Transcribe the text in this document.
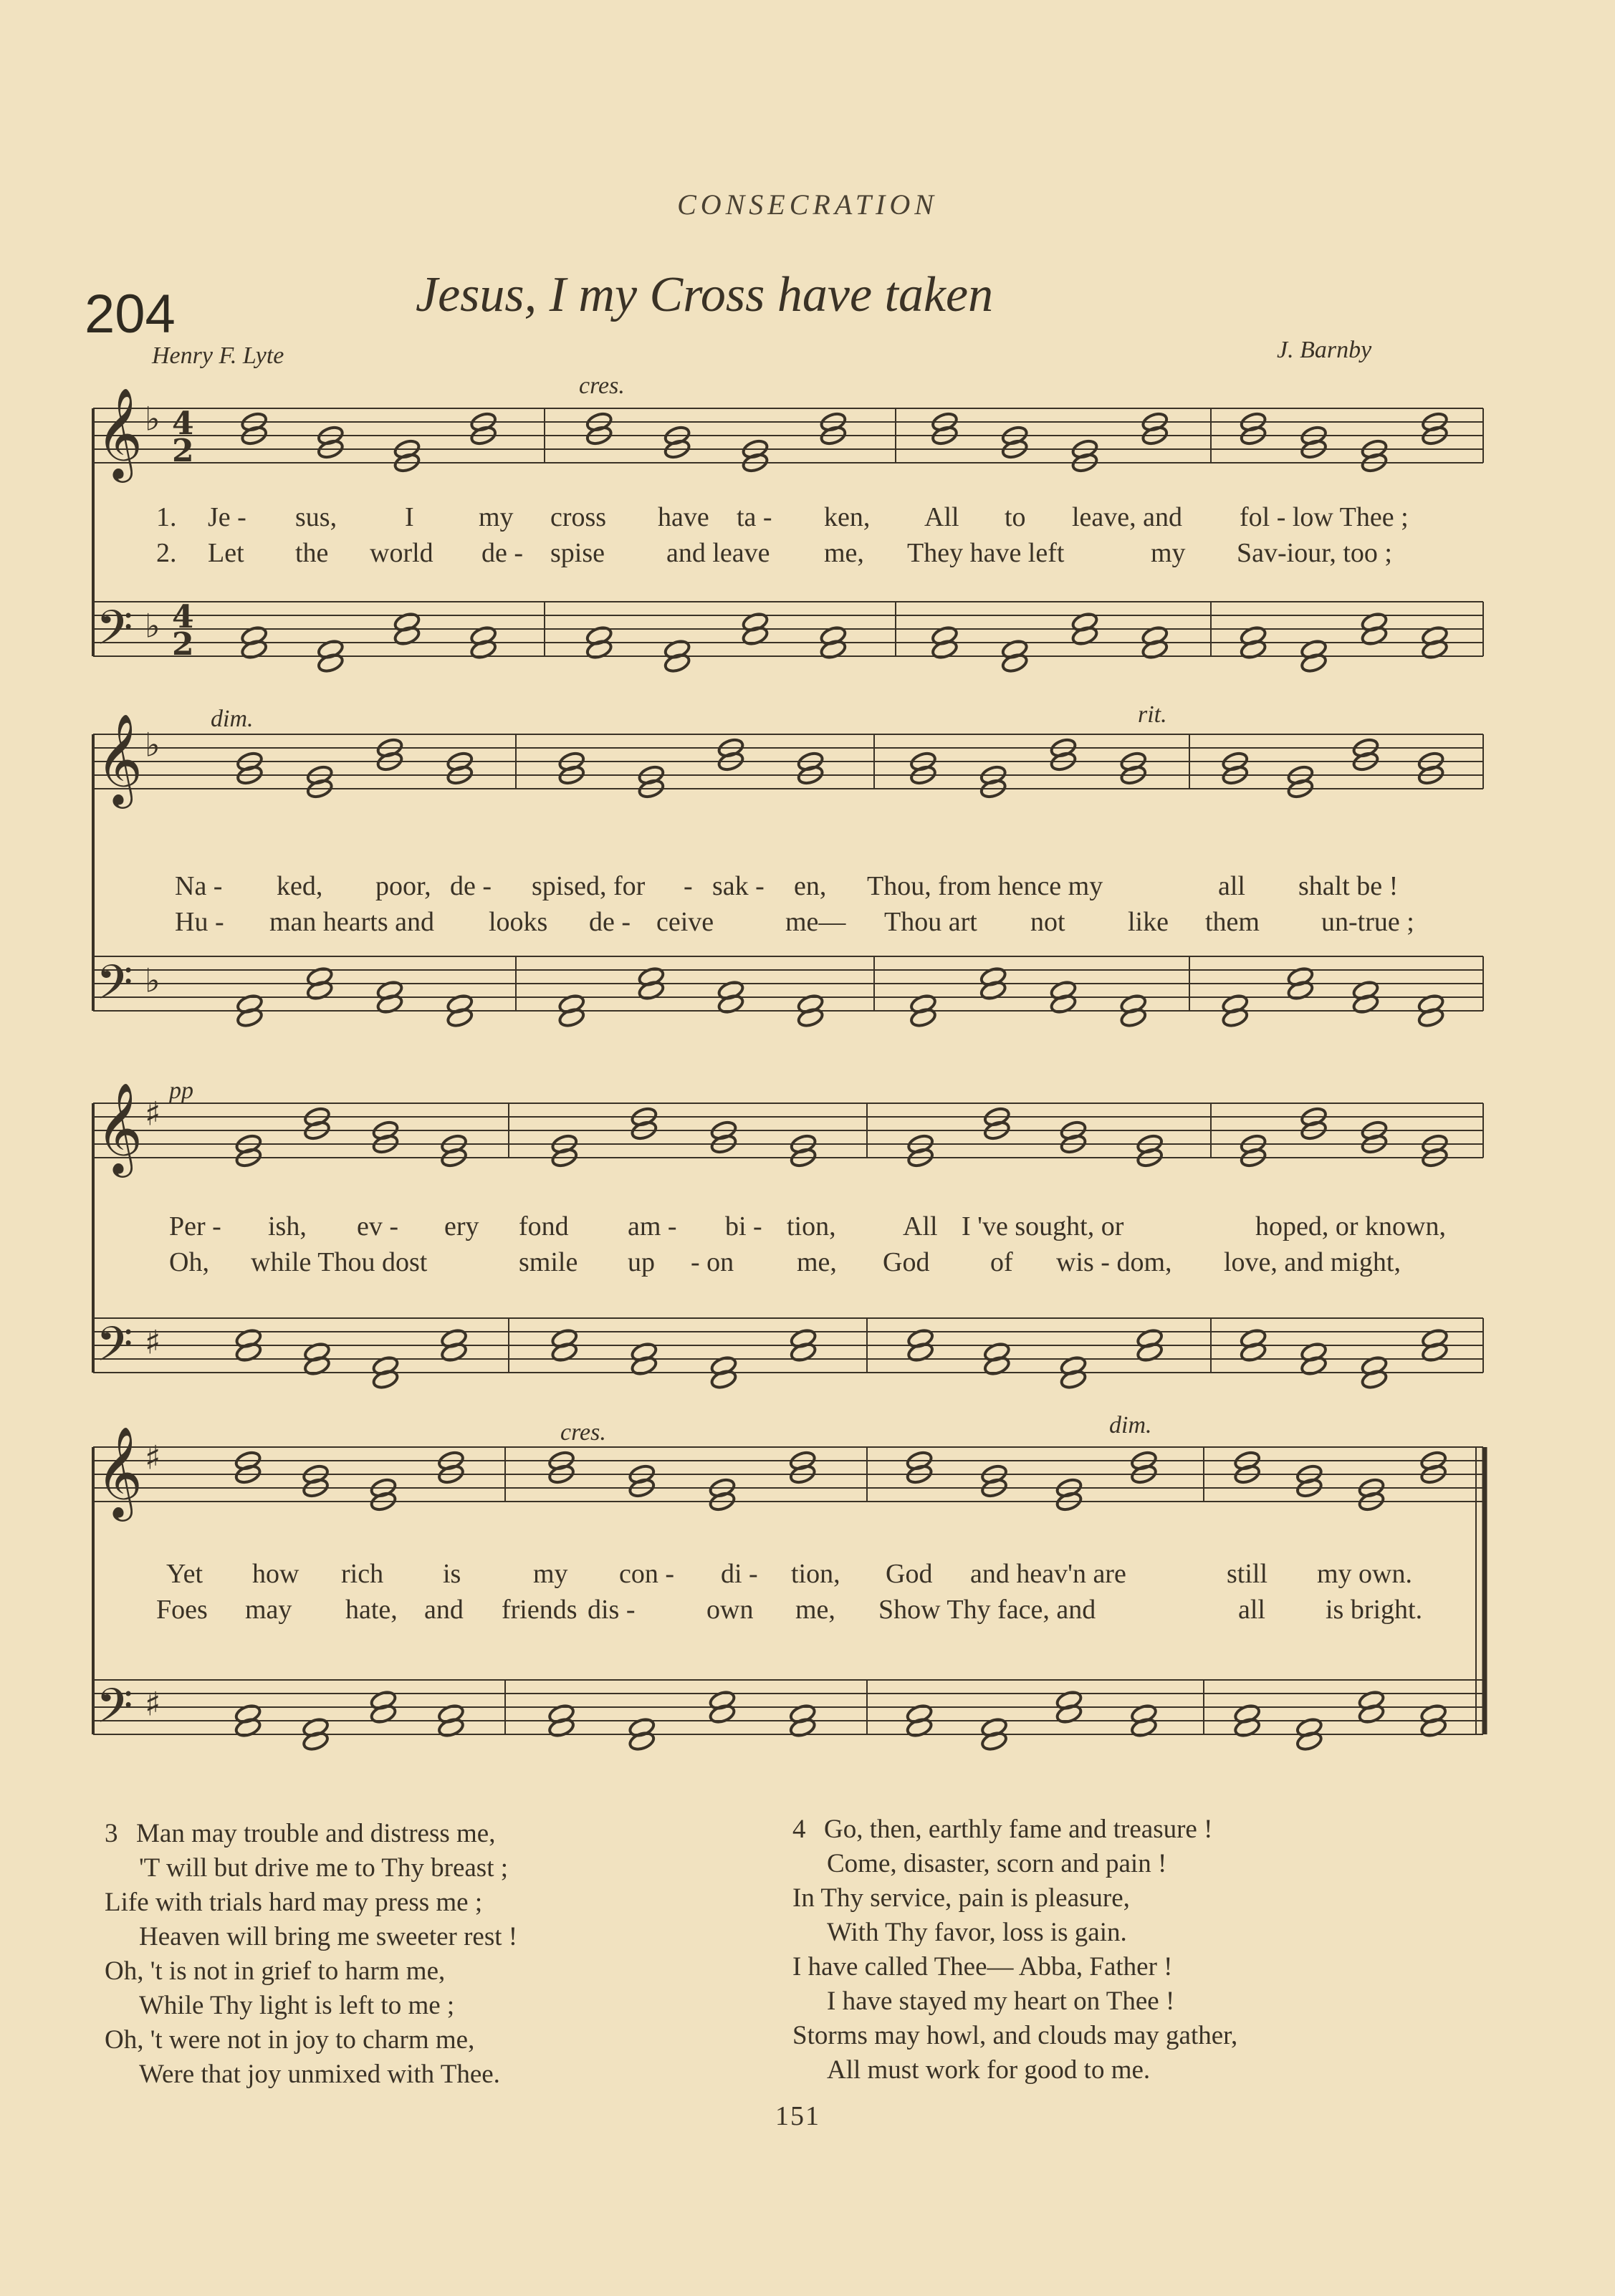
CONSECRATION
204	Jesus, I my Cross have taken
Henry F. Lyte	J. Barnby
𝄞 ♭
𝄢 ♭
4
2
4
2
cres.
1. Je - sus, I my cross have ta - ken, All to leave, and fol - low Thee ;
2. Let the world de - spise and leave me, They have left	my Sav-iour, too ;
𝄞 ♭
𝄢 ♭
dim.	rit.
Na - ked, poor, de - spised, for - sak - en, Thou, from hence my	all shalt be !
Hu - man hearts and looks de - ceive	me— Thou art not like them un-true ;
𝄞 ♯
𝄢 ♯
pp
Per - ish, ev - ery fond am - bi - tion, All I 've sought, or	hoped, or known,
Oh, while Thou dost	smile up - on me, God of wis - dom, love, and might,
𝄞 ♯
𝄢 ♯
cres.	dim.
Yet how rich is	my con - di - tion, God and heav'n are	still my own.
Foes may hate, and friends dis -	own me, Show Thy face, and	all is bright.
3 Man may trouble and distress me,
'T will but drive me to Thy breast ;
Life with trials hard may press me ;
Heaven will bring me sweeter rest !
Oh, 't is not in grief to harm me,
While Thy light is left to me ;
Oh, 't were not in joy to charm me,
Were that joy unmixed with Thee.
4 Go, then, earthly fame and treasure !
Come, disaster, scorn and pain !
In Thy service, pain is pleasure,
With Thy favor, loss is gain.
I have called Thee— Abba, Father !
I have stayed my heart on Thee !
Storms may howl, and clouds may gather,
All must work for good to me.
151
